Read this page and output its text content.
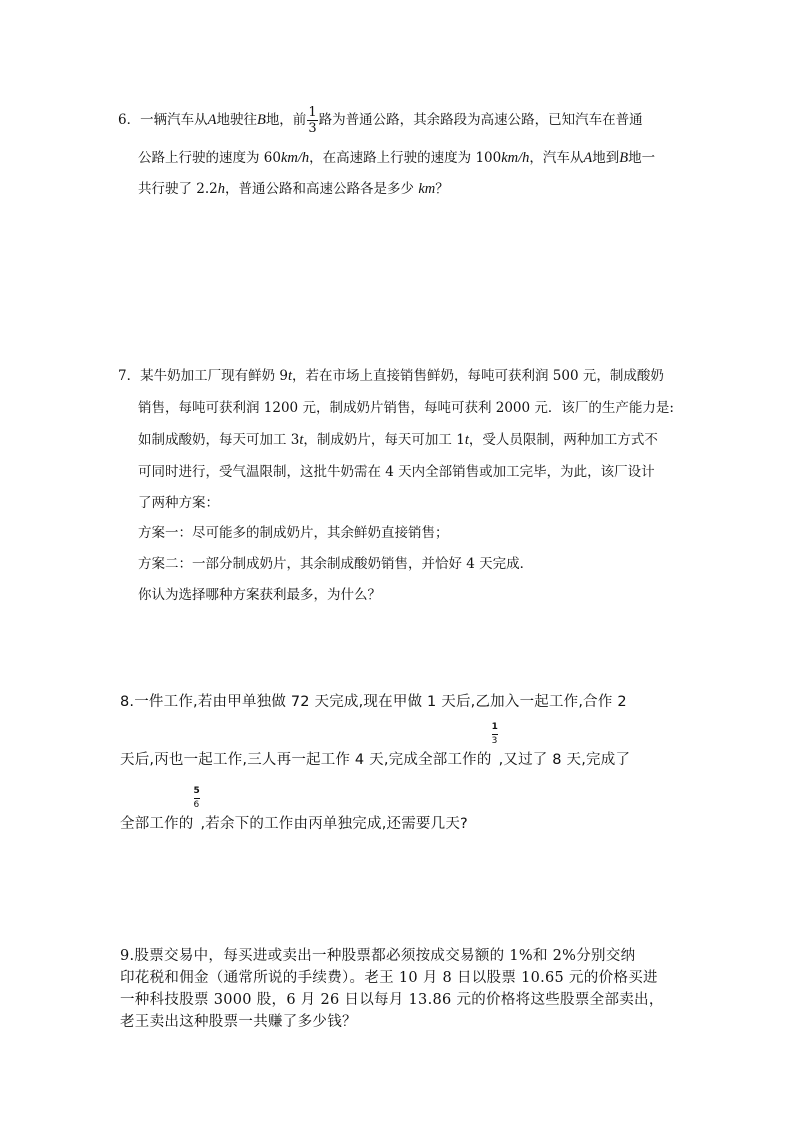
6．一辆汽车从A地驶往B地，前 $\frac{1}{3}$ 路为普通公路，其余路段为高速公路，已知汽车在普通
公路上行驶的速度为 60km/h，在高速路上行驶的速度为 100km/h，汽车从A地到B地一
共行驶了 2.2h，普通公路和高速公路各是多少 km？
7．某牛奶加工厂现有鲜奶 9t，若在市场上直接销售鲜奶，每吨可获利润 500 元，制成酸奶
销售，每吨可获利润 1200 元，制成奶片销售，每吨可获利 2000 元．该厂的生产能力是:
如制成酸奶，每天可加工 3t，制成奶片，每天可加工 1t，受人员限制，两种加工方式不
可同时进行，受气温限制，这批牛奶需在 4 天内全部销售或加工完毕，为此，该厂设计
了两种方案：
方案一：尽可能多的制成奶片，其余鲜奶直接销售；
方案二：一部分制成奶片，其余制成酸奶销售，并恰好 4 天完成．
你认为选择哪种方案获利最多，为什么？
8.一件工作,若由甲单独做 72 天完成,现在甲做 1 天后,乙加入一起工作,合作 2
天后,丙也一起工作,三人再一起工作 4 天,完成全部工作的 $\frac{1}{3}$ ,又过了 8 天,完成了
全部工作的 $\frac{5}{6}$ ,若余下的工作由丙单独完成,还需要几天?
9.股票交易中，每买进或卖出一种股票都必须按成交易额的 1%和 2%分别交纳
印花税和佣金（通常所说的手续费）。老王 10 月 8 日以股票 10.65 元的价格买进
一种科技股票 3000 股，6 月 26 日以每月 13.86 元的价格将这些股票全部卖出，
老王卖出这种股票一共赚了多少钱？
